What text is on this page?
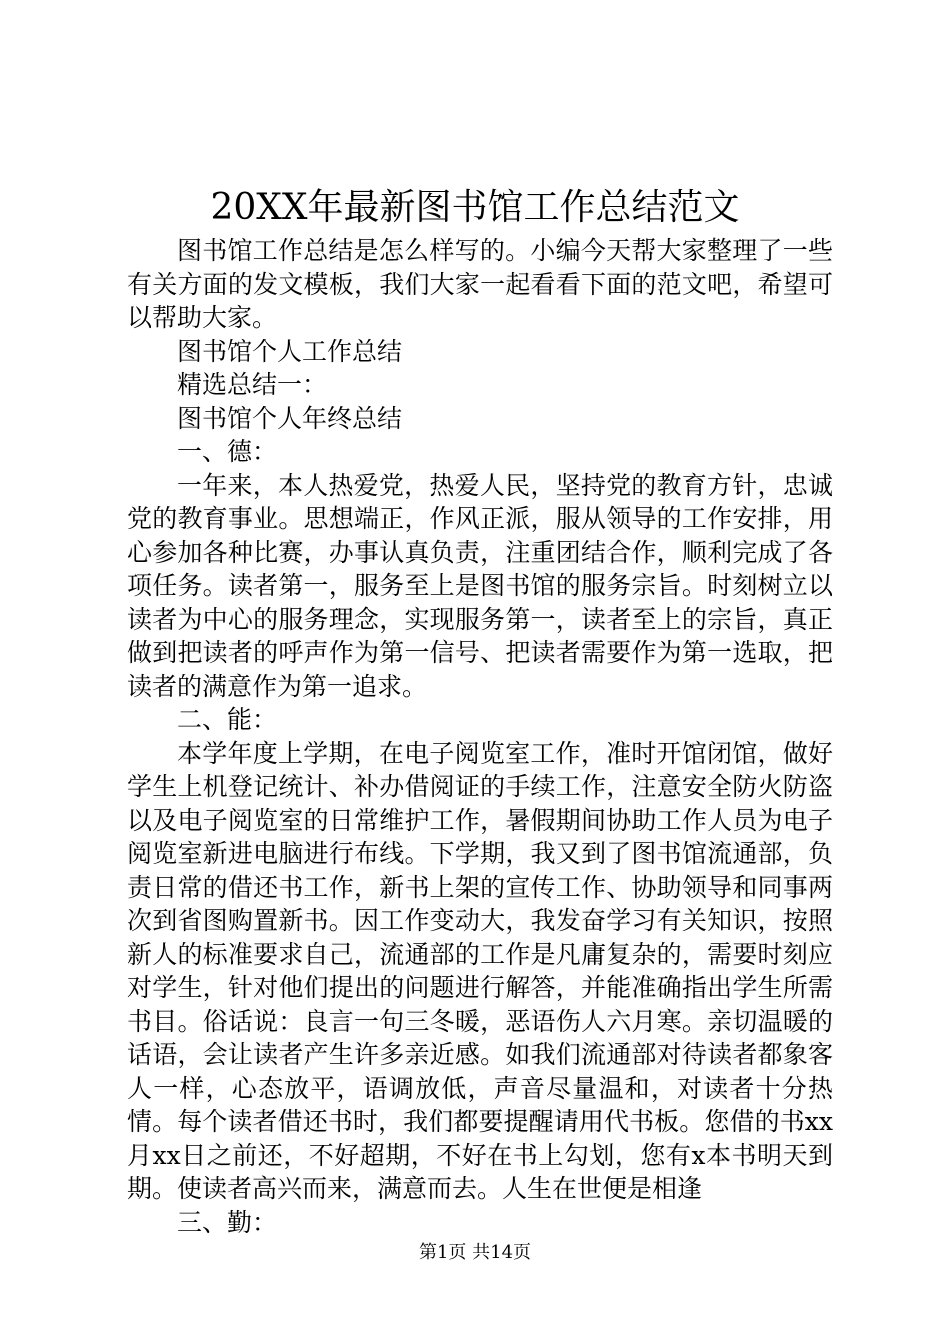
20XX年最新图书馆工作总结范文

图书馆工作总结是怎么样写的。小编今天帮大家整理了一些有关方面的发文模板，我们大家一起看看下面的范文吧，希望可以帮助大家。

图书馆个人工作总结

精选总结一：

图书馆个人年终总结

一、德：

一年来，本人热爱党，热爱人民，坚持党的教育方针，忠诚党的教育事业。思想端正，作风正派，服从领导的工作安排，用心参加各种比赛，办事认真负责，注重团结合作，顺利完成了各项任务。读者第一，服务至上是图书馆的服务宗旨。时刻树立以读者为中心的服务理念，实现服务第一，读者至上的宗旨，真正做到把读者的呼声作为第一信号、把读者需要作为第一选取，把读者的满意作为第一追求。

二、能：

本学年度上学期，在电子阅览室工作，准时开馆闭馆，做好学生上机登记统计、补办借阅证的手续工作，注意安全防火防盗以及电子阅览室的日常维护工作，暑假期间协助工作人员为电子阅览室新进电脑进行布线。下学期，我又到了图书馆流通部，负责日常的借还书工作，新书上架的宣传工作、协助领导和同事两次到省图购置新书。因工作变动大，我发奋学习有关知识，按照新人的标准要求自己，流通部的工作是凡庸复杂的，需要时刻应对学生，针对他们提出的问题进行解答，并能准确指出学生所需书目。俗话说：良言一句三冬暖，恶语伤人六月寒。亲切温暖的话语，会让读者产生许多亲近感。如我们流通部对待读者都象客人一样，心态放平，语调放低，声音尽量温和，对读者十分热情。每个读者借还书时，我们都要提醒请用代书板。您借的书xx月xx日之前还，不好超期，不好在书上勾划，您有x本书明天到期。使读者高兴而来，满意而去。人生在世便是相逢

三、勤：

第1页 共14页
